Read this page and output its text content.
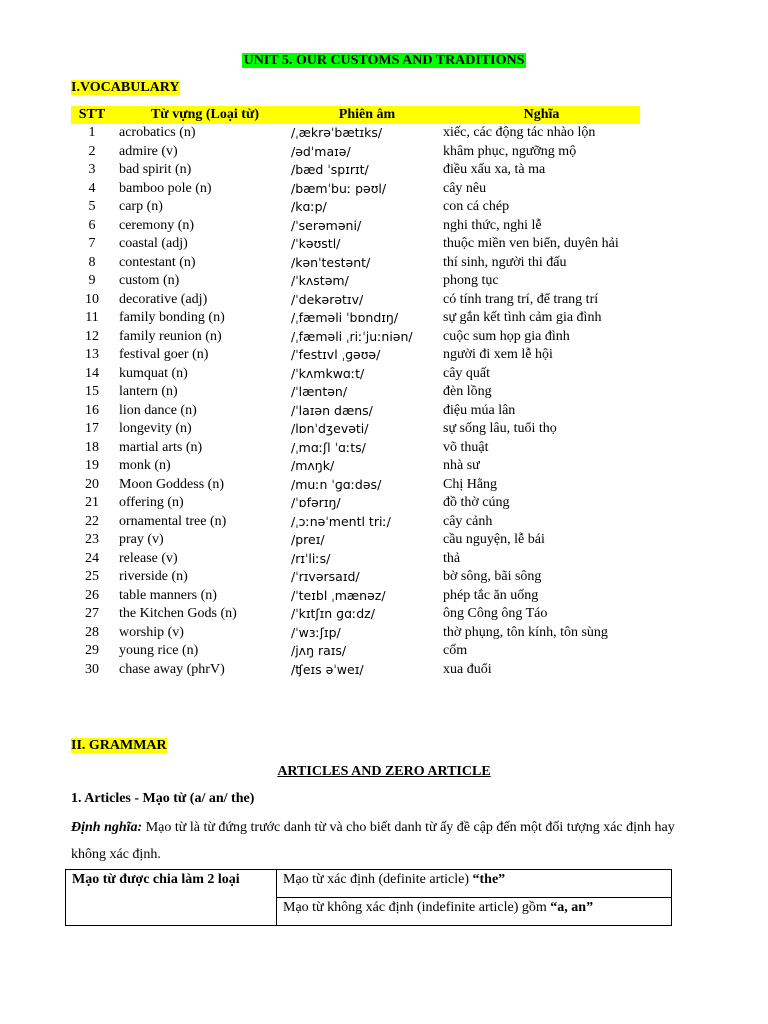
UNIT 5. OUR CUSTOMS AND TRADITIONS
I.VOCABULARY
STT	Từ vựng (Loại từ)	Phiên âm	Nghĩa
1	acrobatics (n)	/ˌækrəˈbætɪks/	xiếc, các động tác nhào lộn
2	admire (v)	/ədˈmaɪə/	khâm phục, ngưỡng mộ
3	bad spirit (n)	/bæd ˈspɪrɪt/	điều xấu xa, tà ma
4	bamboo pole (n)	/bæmˈbuː pəʊl/	cây nêu
5	carp (n)	/kɑːp/	con cá chép
6	ceremony (n)	/ˈserəməni/	nghi thức, nghi lễ
7	coastal (adj)	/ˈkəʊstl/	thuộc miền ven biển, duyên hải
8	contestant (n)	/kənˈtestənt/	thí sinh, người thi đấu
9	custom (n)	/ˈkʌstəm/	phong tục
10	decorative (adj)	/ˈdekərətɪv/	có tính trang trí, để trang trí
11	family bonding (n)	/ˌfæməli ˈbɒndɪŋ/	sự gắn kết tình cảm gia đình
12	family reunion (n)	/ˌfæməli ˌriːˈjuːniən/	cuộc sum họp gia đình
13	festival goer (n)	/ˈfestɪvl ˌɡəʊə/	người đi xem lễ hội
14	kumquat (n)	/ˈkʌmkwɑːt/	cây quất
15	lantern (n)	/ˈlæntən/	đèn lồng
16	lion dance (n)	/ˈlaɪən dæns/	điệu múa lân
17	longevity (n)	/lɒnˈdʒevəti/	sự sống lâu, tuổi thọ
18	martial arts (n)	/ˌmɑːʃl ˈɑːts/	võ thuật
19	monk (n)	/mʌŋk/	nhà sư
20	Moon Goddess (n)	/muːn ˈɡɑːdəs/	Chị Hằng
21	offering (n)	/ˈɒfərɪŋ/	đồ thờ cúng
22	ornamental tree (n)	/ˌɔːnəˈmentl triː/	cây cảnh
23	pray (v)	/preɪ/	cầu nguyện, lễ bái
24	release (v)	/rɪˈliːs/	thả
25	riverside (n)	/ˈrɪvərsaɪd/	bờ sông, bãi sông
26	table manners (n)	/ˈteɪbl ˌmænəz/	phép tắc ăn uống
27	the Kitchen Gods (n)	/ˈkɪtʃɪn ɡɑːdz/	ông Công ông Táo
28	worship (v)	/ˈwɜːʃɪp/	thờ phụng, tôn kính, tôn sùng
29	young rice (n)	/jʌŋ raɪs/	cốm
30	chase away (phrV)	/ʧeɪs əˈweɪ/	xua đuổi
II. GRAMMAR
ARTICLES AND ZERO ARTICLE
1. Articles - Mạo từ (a/ an/ the)
Định nghĩa: Mạo từ là từ đứng trước danh từ và cho biết danh từ ấy đề cập đến một đối tượng xác định hay không xác định.
Mạo từ được chia làm 2 loại	Mạo từ xác định (definite article) “the”
Mạo từ không xác định (indefinite article) gồm “a, an”
